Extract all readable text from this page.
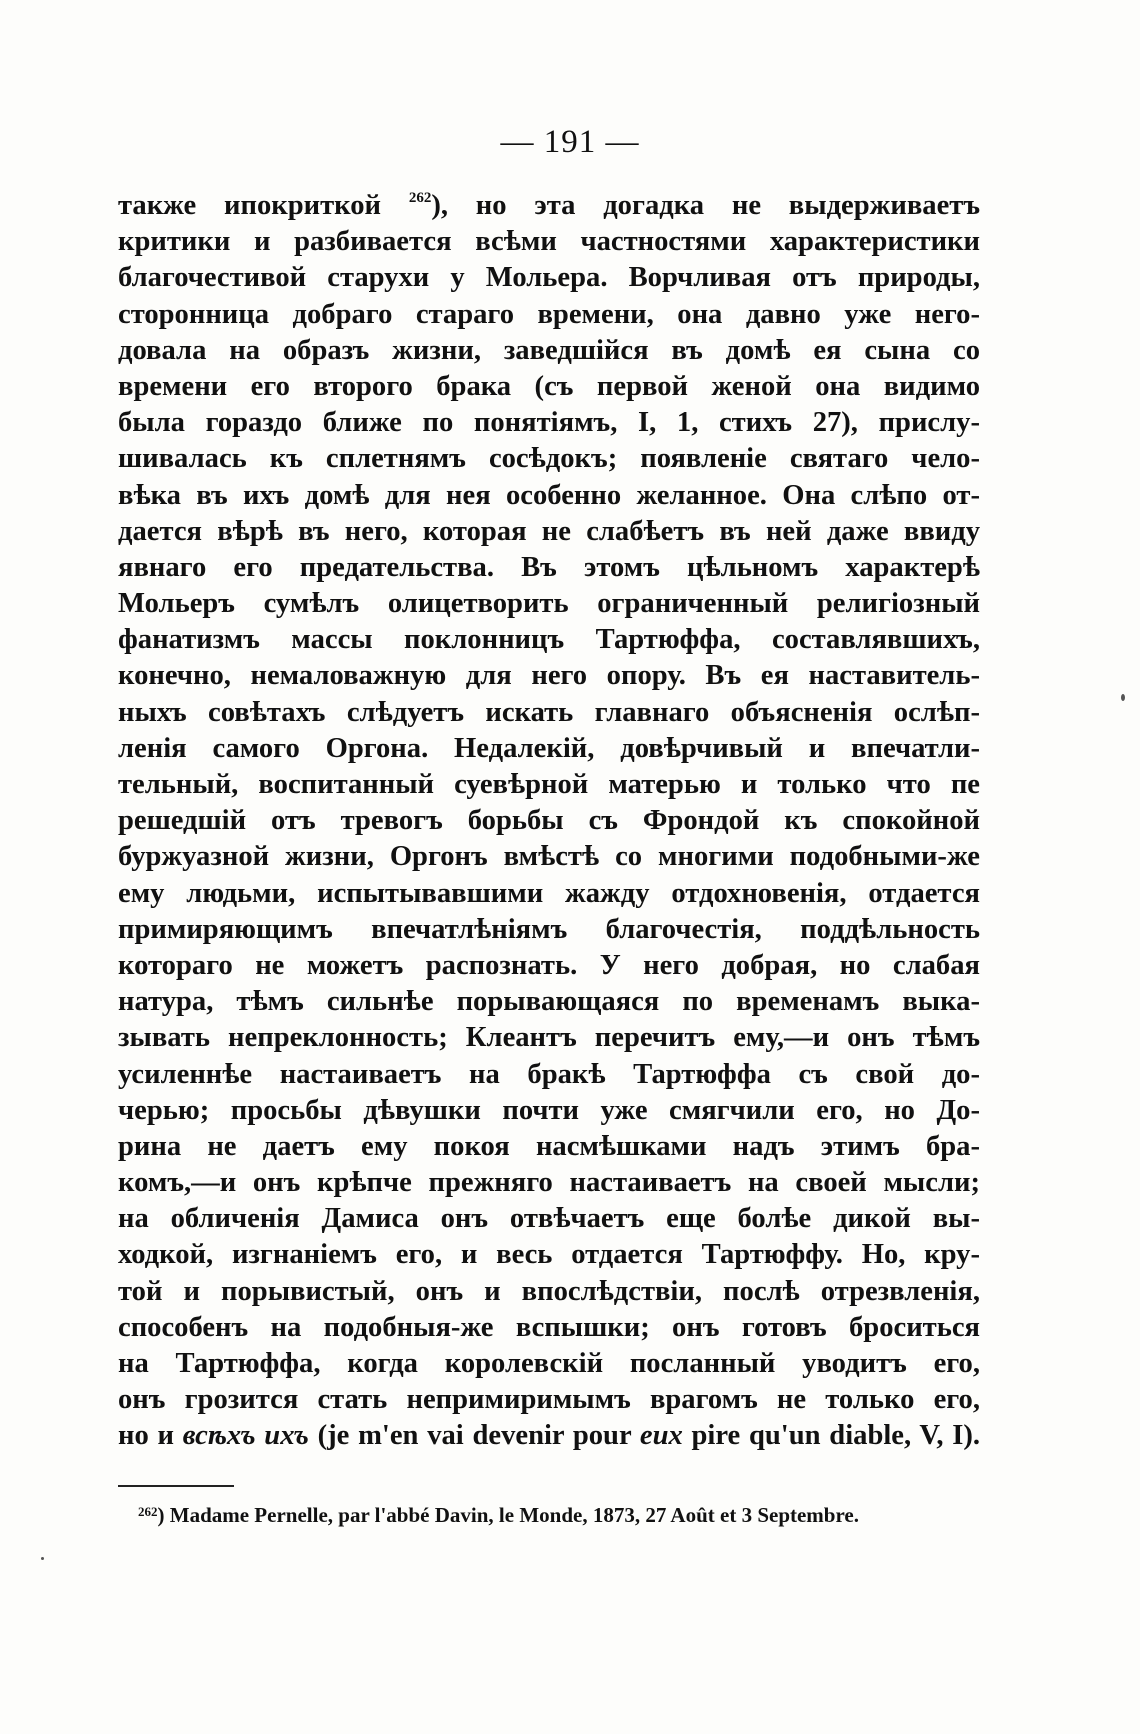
— 191 —
также ипокриткой $^{262}$), но эта догадка не выдерживаетъ
критики и разбивается всѣми частностями характеристики
благочестивой старухи у Мольера. Ворчливая отъ природы,
сторонница добраго стараго времени, она давно уже него-
довала на образъ жизни, заведшійся въ домѣ ея сына со
времени его второго брака (съ первой женой она видимо
была гораздо ближе по понятіямъ, I, 1, стихъ 27), прислу-
шивалась къ сплетнямъ сосѣдокъ; появленіе святаго чело-
вѣка въ ихъ домѣ для нея особенно желанное. Она слѣпо от-
дается вѣрѣ въ него, которая не слабѣетъ въ ней даже ввиду
явнаго его предательства. Въ этомъ цѣльномъ характерѣ
Мольеръ сумѣлъ олицетворить ограниченный религіозный
фанатизмъ массы поклонницъ Тартюффа, составлявшихъ,
конечно, немаловажную для него опору. Въ ея наставитель-
ныхъ совѣтахъ слѣдуетъ искать главнаго объясненія ослѣп-
ленія самого Оргона. Недалекій, довѣрчивый и впечатли-
тельный, воспитанный суевѣрной матерью и только что пе
решедшій отъ тревогъ борьбы съ Фрондой къ спокойной
буржуазной жизни, Оргонъ вмѣстѣ со многими подобными-же
ему людьми, испытывавшими жажду отдохновенія, отдается
примиряющимъ впечатлѣніямъ благочестія, поддѣльность
котораго не можетъ распознать. У него добрая, но слабая
натура, тѣмъ сильнѣе порывающаяся по временамъ выка-
зывать непреклонность; Клеантъ перечитъ ему,—и онъ тѣмъ
усиленнѣе настаиваетъ на бракѣ Тартюффа съ свой до-
черью; просьбы дѣвушки почти уже смягчили его, но До-
рина не даетъ ему покоя насмѣшками надъ этимъ бра-
комъ,—и онъ крѣпче прежняго настаиваетъ на своей мысли;
на обличенія Дамиса онъ отвѣчаетъ еще болѣе дикой вы-
ходкой, изгнаніемъ его, и весь отдается Тартюффу. Но, кру-
той и порывистый, онъ и впослѣдствіи, послѣ отрезвленія,
способенъ на подобныя-же вспышки; онъ готовъ броситься
на Тартюффа, когда королевскій посланный уводитъ его,
онъ грозится стать непримиримымъ врагомъ не только его,
но и всѣхъ ихъ (je m'en vai devenir pour eux pire qu'un diable, V, I).
$^{262}$) Madame Pernelle, par l'abbé Davin, le Monde, 1873, 27 Août et 3 Septembre.
